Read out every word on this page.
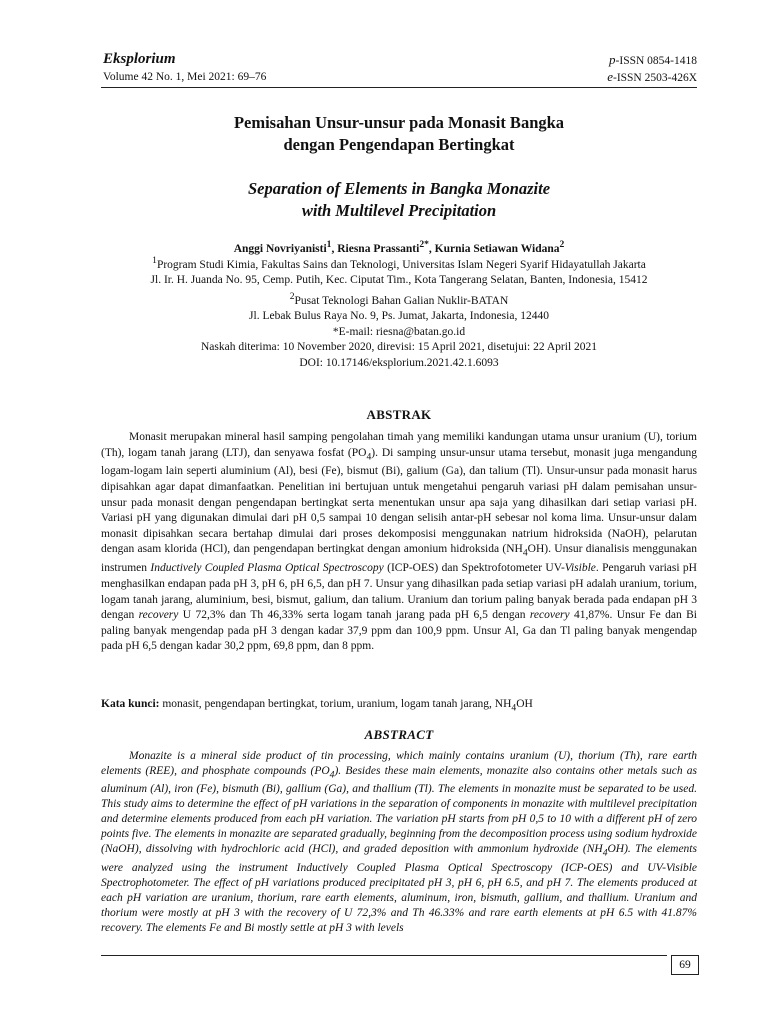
Eksplorium
Volume 42 No. 1, Mei 2021: 69–76
p-ISSN 0854-1418
e-ISSN 2503-426X
Pemisahan Unsur-unsur pada Monasit Bangka
dengan Pengendapan Bertingkat
Separation of Elements in Bangka Monazite
with Multilevel Precipitation
Anggi Novriyanisti$^1$, Riesna Prassanti$^{2*}$, Kurnia Setiawan Widana$^2$
$^1$Program Studi Kimia, Fakultas Sains dan Teknologi, Universitas Islam Negeri Syarif Hidayatullah Jakarta
Jl. Ir. H. Juanda No. 95, Cemp. Putih, Kec. Ciputat Tim., Kota Tangerang Selatan, Banten, Indonesia, 15412
$^2$Pusat Teknologi Bahan Galian Nuklir-BATAN
Jl. Lebak Bulus Raya No. 9, Ps. Jumat, Jakarta, Indonesia, 12440
*E-mail: riesna@batan.go.id
Naskah diterima: 10 November 2020, direvisi: 15 April 2021, disetujui: 22 April 2021
DOI: 10.17146/eksplorium.2021.42.1.6093
ABSTRAK

Monasit merupakan mineral hasil samping pengolahan timah yang memiliki kandungan utama unsur uranium (U), torium (Th), logam tanah jarang (LTJ), dan senyawa fosfat $(PO_4)$. Di samping unsur-unsur utama tersebut, monasit juga mengandung logam-logam lain seperti aluminium (Al), besi (Fe), bismut (Bi), galium (Ga), dan talium (Tl). Unsur-unsur pada monasit harus dipisahkan agar dapat dimanfaatkan. Penelitian ini bertujuan untuk mengetahui pengaruh variasi pH dalam pemisahan unsur-unsur pada monasit dengan pengendapan bertingkat serta menentukan unsur apa saja yang dihasilkan dari setiap variasi pH. Variasi pH yang digunakan dimulai dari pH 0,5 sampai 10 dengan selisih antar-pH sebesar nol koma lima. Unsur-unsur dalam monasit dipisahkan secara bertahap dimulai dari proses dekomposisi menggunakan natrium hidroksida (NaOH), pelarutan dengan asam klorida (HCl), dan pengendapan bertingkat dengan amonium hidroksida $(NH_4OH)$. Unsur dianalisis menggunakan instrumen Inductively Coupled Plasma Optical Spectroscopy (ICP-OES) dan Spektrofotometer UV-Visible. Pengaruh variasi pH menghasilkan endapan pada pH 3, pH 6, pH 6,5, dan pH 7. Unsur yang dihasilkan pada setiap variasi pH adalah uranium, torium, logam tanah jarang, aluminium, besi, bismut, galium, dan talium. Uranium dan torium paling banyak berada pada endapan pH 3 dengan recovery U 72,3% dan Th 46,33% serta logam tanah jarang pada pH 6,5 dengan recovery 41,87%. Unsur Fe dan Bi paling banyak mengendap pada pH 3 dengan kadar 37,9 ppm dan 100,9 ppm. Unsur Al, Ga dan Tl paling banyak mengendap pada pH 6,5 dengan kadar 30,2 ppm, 69,8 ppm, dan 8 ppm.

Kata kunci: monasit, pengendapan bertingkat, torium, uranium, logam tanah jarang, $NH_4OH$
ABSTRACT

Monazite is a mineral side product of tin processing, which mainly contains uranium (U), thorium (Th), rare earth elements (REE), and phosphate compounds $(PO_4)$. Besides these main elements, monazite also contains other metals such as aluminum (Al), iron (Fe), bismuth (Bi), gallium (Ga), and thallium (Tl). The elements in monazite must be separated to be used. This study aims to determine the effect of pH variations in the separation of components in monazite with multilevel precipitation and determine elements produced from each pH variation. The variation pH starts from pH 0,5 to 10 with a different pH of zero points five. The elements in monazite are separated gradually, beginning from the decomposition process using sodium hydroxide (NaOH), dissolving with hydrochloric acid (HCl), and graded deposition with ammonium hydroxide $(NH_4OH)$. The elements were analyzed using the instrument Inductively Coupled Plasma Optical Spectroscopy (ICP-OES) and UV-Visible Spectrophotometer. The effect of pH variations produced precipitated pH 3, pH 6, pH 6.5, and pH 7. The elements produced at each pH variation are uranium, thorium, rare earth elements, aluminum, iron, bismuth, gallium, and thallium. Uranium and thorium were mostly at pH 3 with the recovery of U 72,3% and Th 46.33% and rare earth elements at pH 6.5 with 41.87% recovery. The elements Fe and Bi mostly settle at pH 3 with levels

69
